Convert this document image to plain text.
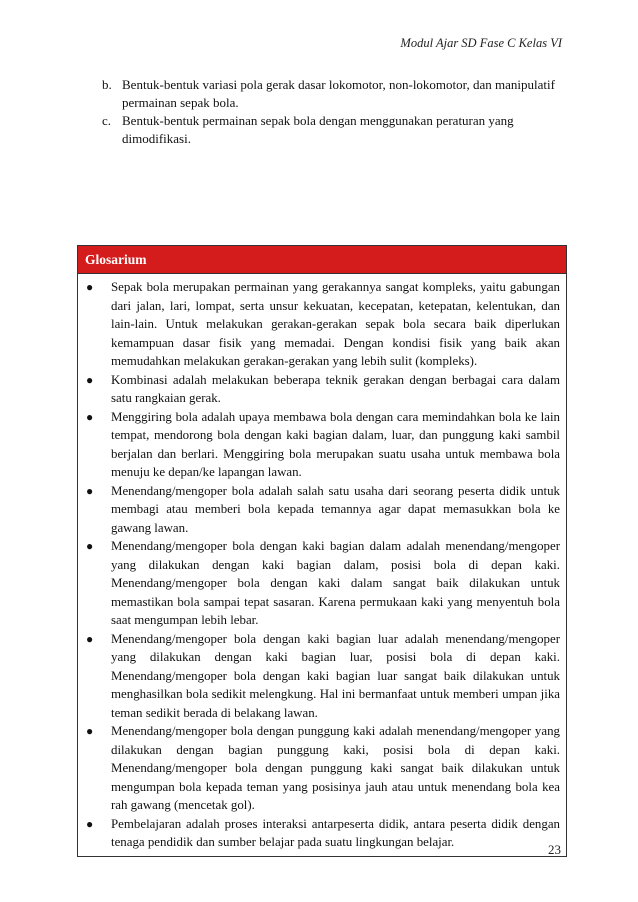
Modul Ajar SD Fase C Kelas VI
b. Bentuk-bentuk variasi pola gerak dasar lokomotor, non-lokomotor, dan manipulatif permainan sepak bola.
c. Bentuk-bentuk permainan sepak bola dengan menggunakan peraturan yang dimodifikasi.
Glosarium
●	Sepak bola merupakan permainan yang gerakannya sangat kompleks, yaitu gabungan dari jalan, lari, lompat, serta unsur kekuatan, kecepatan, ketepatan, kelentukan, dan lain-lain. Untuk melakukan gerakan-gerakan sepak bola secara baik diperlukan kemampuan dasar fisik yang memadai. Dengan kondisi fisik yang baik akan memudahkan melakukan gerakan-gerakan yang lebih sulit (kompleks).
●	Kombinasi adalah melakukan beberapa teknik gerakan dengan berbagai cara dalam satu rangkaian gerak.
●	Menggiring bola adalah upaya membawa bola dengan cara memindahkan bola ke lain tempat, mendorong bola dengan kaki bagian dalam, luar, dan punggung kaki sambil berjalan dan berlari. Menggiring bola merupakan suatu usaha untuk membawa bola menuju ke depan/ke lapangan lawan.
●	Menendang/mengoper bola adalah salah satu usaha dari seorang peserta didik untuk membagi atau memberi bola kepada temannya agar dapat memasukkan bola ke gawang lawan.
●	Menendang/mengoper bola dengan kaki bagian dalam adalah menendang/mengoper yang dilakukan dengan kaki bagian dalam, posisi bola di depan kaki. Menendang/mengoper bola dengan kaki dalam sangat baik dilakukan untuk memastikan bola sampai tepat sasaran. Karena permukaan kaki yang menyentuh bola saat mengumpan lebih lebar.
●	Menendang/mengoper bola dengan kaki bagian luar adalah menendang/mengoper yang dilakukan dengan kaki bagian luar, posisi bola di depan kaki. Menendang/mengoper bola dengan kaki bagian luar sangat baik dilakukan untuk menghasilkan bola sedikit melengkung. Hal ini bermanfaat untuk memberi umpan jika teman sedikit berada di belakang lawan.
●	Menendang/mengoper bola dengan punggung kaki adalah menendang/mengoper yang dilakukan dengan bagian punggung kaki, posisi bola di depan kaki. Menendang/mengoper bola dengan punggung kaki sangat baik dilakukan untuk mengumpan bola kepada teman yang posisinya jauh atau untuk menendang bola kea rah gawang (mencetak gol).
●	Pembelajaran adalah proses interaksi antarpeserta didik, antara peserta didik dengan tenaga pendidik dan sumber belajar pada suatu lingkungan belajar.	23
